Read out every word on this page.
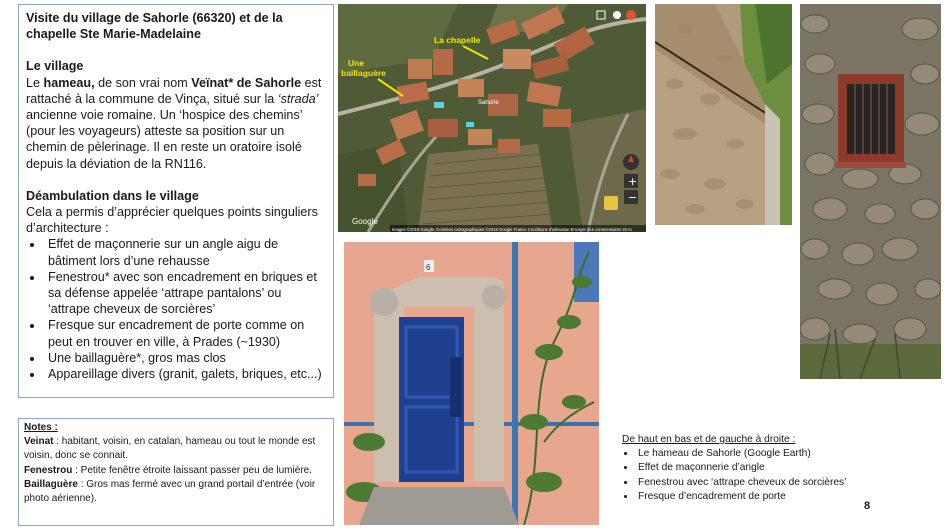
Visite du village de Sahorle (66320) et de la chapelle Ste Marie-Madelaine

Le village

Le hameau, de son vrai nom Veïnat* de Sahorle est rattaché à la commune de Vinça, situé sur la ‘strada’ ancienne voie romaine. Un ‘hospice des chemins’ (pour les voyageurs) atteste sa position sur un chemin de pèlerinage. Il en reste un oratoire isolé depuis la déviation de la RN116.

Déambulation dans le village

Cela a permis d’apprécier quelques points singuliers d’architecture :

• Effet de maçonnerie sur un angle aigu de bâtiment lors d’une rehausse
• Fenestrou* avec son encadrement en briques et sa défense appelée ‘attrape pantalons’ ou ‘attrape cheveux de sorcières’
• Fresque sur encadrement de porte comme on peut en trouver en ville, à Prades (~1930)
• Une baillaguère*, gros mas clos
• Appareillage divers (granit, galets, briques, etc...)
Notes :
Veinat : habitant, voisin, en catalan, hameau ou tout le monde est voisin, donc se connait.
Fenestrou : Petite fenêtre étroite laissant passer peu de lumière.
Baillaguère : Gros mas fermé avec un grand portail d’entrée (voir photo aérienne).
La chapelle
Une
baillaguère
Sahorle
+
−
Google
Images ©2018 Google, Données cartographiques ©2018 Google France Conditions d'utilisation Envoyer des commentaires 20 m
6
De haut en bas et de gauche à droite :
• Le hameau de Sahorle (Google Earth)
• Effet de maçonnerie d’angle
• Fenestrou avec ‘attrape cheveux de sorcières’
• Fresque d’encadrement de porte
8
